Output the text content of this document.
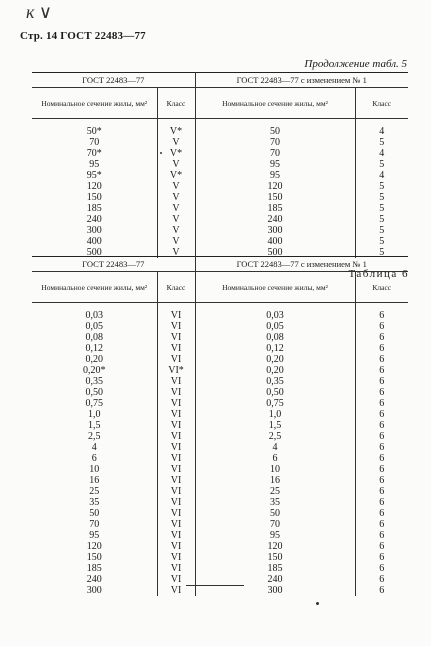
к ∨
Стр. 14 ГОСТ 22483—77
Продолжение табл. 5
ГОСТ 22483—77		ГОСТ 22483—77 с изменением № 1	
Номинальное сечение жилы, мм²	Класс	Номинальное сечение жилы, мм²	Класс

50*	V*	50	4
70	V	70	5
70*	V*	70	4
95	V	95	5
95*	V*	95	4
120	V	120	5
150	V	150	5
185	V	185	5
240	V	240	5
300	V	300	5
400	V	400	5
500	V	500	5
Таблица 6
ГОСТ 22483—77		ГОСТ 22483—77 с изменением № 1	
Номинальное сечение жилы, мм²	Класс	Номинальное сечение жилы, мм²	Класс

0,03	VI	0,03	6
0,05	VI	0,05	6
0,08	VI	0,08	6
0,12	VI	0,12	6
0,20	VI	0,20	6
0,20*	VI*	0,20	6
0,35	VI	0,35	6
0,50	VI	0,50	6
0,75	VI	0,75	6
1,0	VI	1,0	6
1,5	VI	1,5	6
2,5	VI	2,5	6
4	VI	4	6
6	VI	6	6
10	VI	10	6
16	VI	16	6
25	VI	25	6
35	VI	35	6
50	VI	50	6
70	VI	70	6
95	VI	95	6
120	VI	120	6
150	VI	150	6
185	VI	185	6
240	VI	240	6
300	VI	300	6
